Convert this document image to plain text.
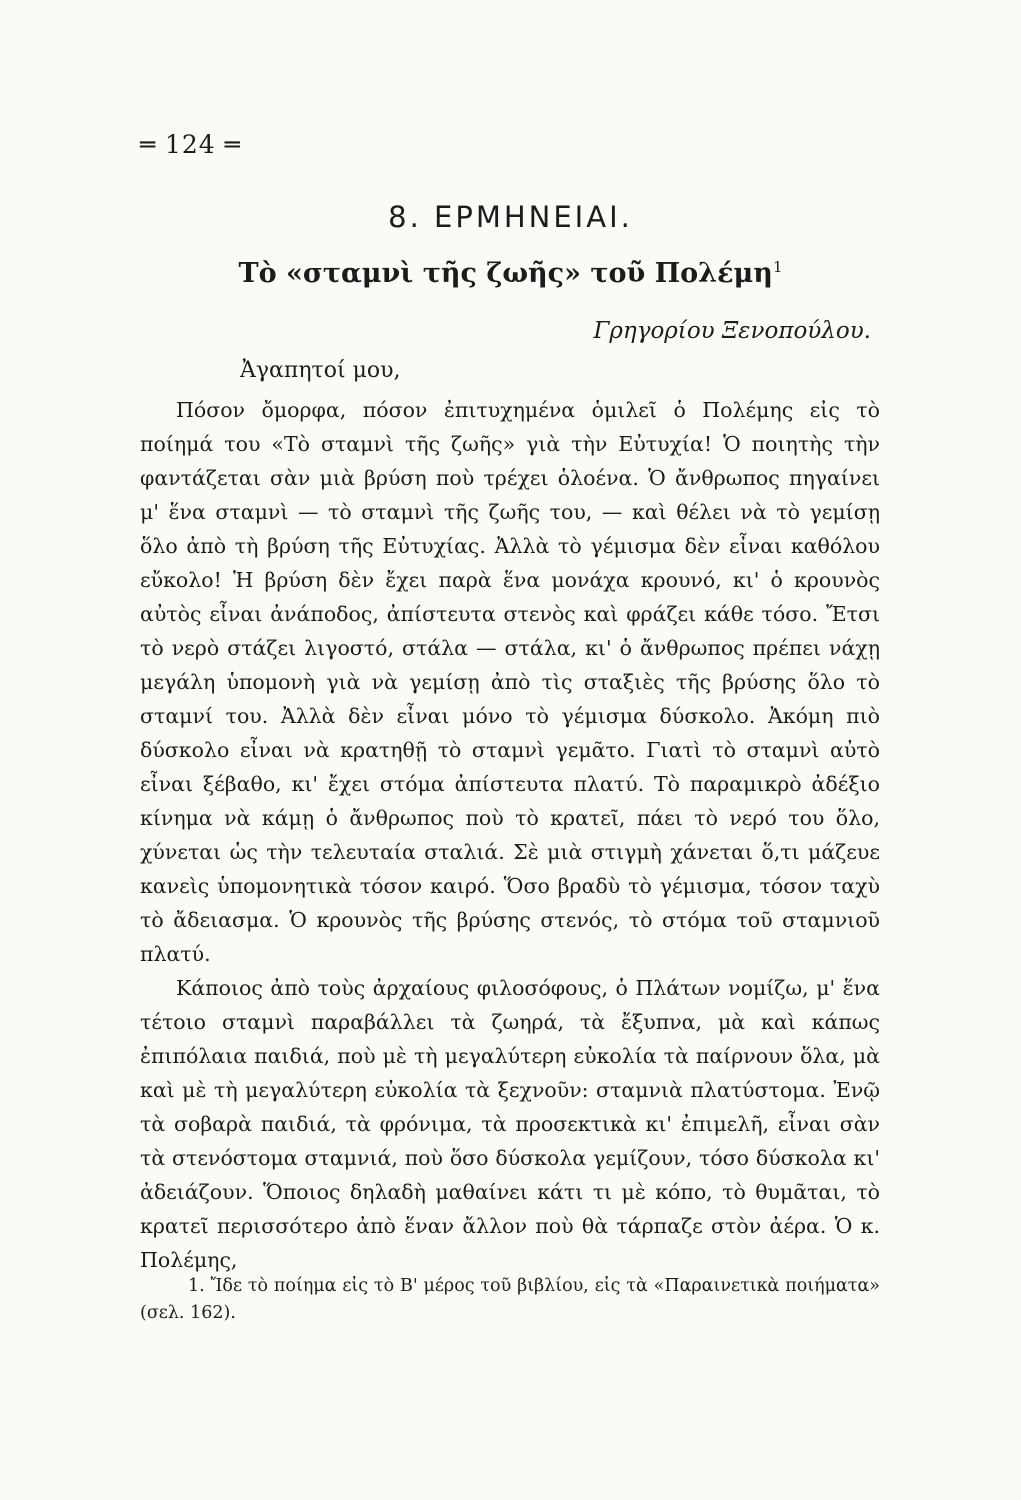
═ 124 ═
8. ΕΡΜΗΝΕΙΑΙ.
Τὸ «σταμνὶ τῆς ζωῆς» τοῦ Πολέμη$^1$
Γρηγορίου Ξενοπούλου.
Ἀγαπητοί μου,

Πόσον ὄμορφα, πόσον ἐπιτυχημένα ὁμιλεῖ ὁ Πολέμης εἰς τὸ ποίημά του «Τὸ σταμνὶ τῆς ζωῆς» γιὰ τὴν Εὐτυχία! Ὁ ποιητὴς τὴν φαντάζεται σὰν μιὰ βρύση ποὺ τρέχει ὁλοένα. Ὁ ἄνθρωπος πηγαίνει μ' ἕνα σταμνὶ — τὸ σταμνὶ τῆς ζωῆς του, — καὶ θέλει νὰ τὸ γεμίσῃ ὅλο ἀπὸ τὴ βρύση τῆς Εὐτυχίας. Ἀλλὰ τὸ γέμισμα δὲν εἶναι καθόλου εὔκολο! Ἡ βρύση δὲν ἔχει παρὰ ἕνα μονάχα κρουνό, κι' ὁ κρουνὸς αὐτὸς εἶναι ἀνάποδος, ἀπίστευτα στενὸς καὶ φράζει κάθε τόσο. Ἔτσι τὸ νερὸ στάζει λιγοστό, στάλα — στάλα, κι' ὁ ἄνθρωπος πρέπει νάχῃ μεγάλη ὑπομονὴ γιὰ νὰ γεμίσῃ ἀπὸ τὶς σταξιὲς τῆς βρύσης ὅλο τὸ σταμνί του. Ἀλλὰ δὲν εἶναι μόνο τὸ γέμισμα δύσκολο. Ἀκόμη πιὸ δύσκολο εἶναι νὰ κρατηθῇ τὸ σταμνὶ γεμᾶτο. Γιατὶ τὸ σταμνὶ αὐτὸ εἶναι ξέβαθο, κι' ἔχει στόμα ἀπίστευτα πλατύ. Τὸ παραμικρὸ ἀδέξιο κίνημα νὰ κάμῃ ὁ ἄνθρωπος ποὺ τὸ κρατεῖ, πάει τὸ νερό του ὅλο, χύνεται ὡς τὴν τελευταία σταλιά. Σὲ μιὰ στιγμὴ χάνεται ὅ,τι μάζευε κανεὶς ὑπομονητικὰ τόσον καιρό. Ὅσο βραδὺ τὸ γέμισμα, τόσον ταχὺ τὸ ἄδειασμα. Ὁ κρουνὸς τῆς βρύσης στενός, τὸ στόμα τοῦ σταμνιοῦ πλατύ.

Κάποιος ἀπὸ τοὺς ἀρχαίους φιλοσόφους, ὁ Πλάτων νομίζω, μ' ἕνα τέτοιο σταμνὶ παραβάλλει τὰ ζωηρά, τὰ ἔξυπνα, μὰ καὶ κάπως ἐπιπόλαια παιδιά, ποὺ μὲ τὴ μεγαλύτερη εὐκολία τὰ παίρνουν ὅλα, μὰ καὶ μὲ τὴ μεγαλύτερη εὐκολία τὰ ξεχνοῦν: σταμνιὰ πλατύστομα. Ἐνῷ τὰ σοβαρὰ παιδιά, τὰ φρόνιμα, τὰ προσεκτικὰ κι' ἐπιμελῆ, εἶναι σὰν τὰ στενόστομα σταμνιά, ποὺ ὅσο δύσκολα γεμίζουν, τόσο δύσκολα κι' ἀδειάζουν. Ὅποιος δηλαδὴ μαθαίνει κάτι τι μὲ κόπο, τὸ θυμᾶται, τὸ κρατεῖ περισσότερο ἀπὸ ἕναν ἄλλον ποὺ θὰ τάρπαζε στὸν ἀέρα. Ὁ κ. Πολέμης,

1. Ἴδε τὸ ποίημα εἰς τὸ Β' μέρος τοῦ βιβλίου, εἰς τὰ «Παραινετικὰ ποιήματα» (σελ. 162).
